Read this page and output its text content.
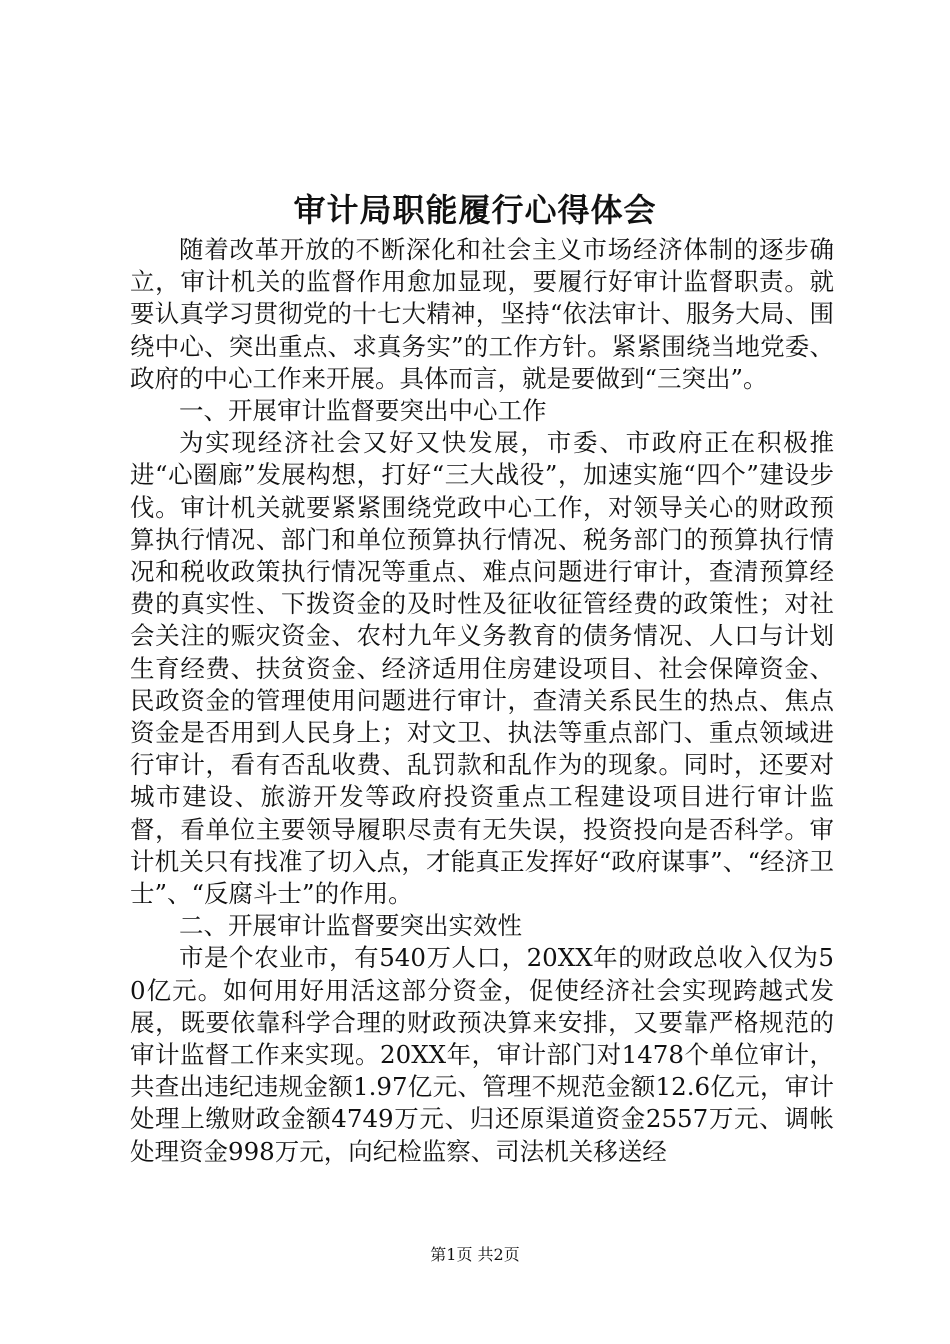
审计局职能履行心得体会

随着改革开放的不断深化和社会主义市场经济体制的逐步确立，审计机关的监督作用愈加显现，要履行好审计监督职责。就要认真学习贯彻党的十七大精神，坚持“依法审计、服务大局、围绕中心、突出重点、求真务实”的工作方针。紧紧围绕当地党委、政府的中心工作来开展。具体而言，就是要做到“三突出”。

一、开展审计监督要突出中心工作

为实现经济社会又好又快发展，市委、市政府正在积极推进“心圈廊”发展构想，打好“三大战役”，加速实施“四个”建设步伐。审计机关就要紧紧围绕党政中心工作，对领导关心的财政预算执行情况、部门和单位预算执行情况、税务部门的预算执行情况和税收政策执行情况等重点、难点问题进行审计，查清预算经费的真实性、下拨资金的及时性及征收征管经费的政策性；对社会关注的赈灾资金、农村九年义务教育的债务情况、人口与计划生育经费、扶贫资金、经济适用住房建设项目、社会保障资金、民政资金的管理使用问题进行审计，查清关系民生的热点、焦点资金是否用到人民身上；对文卫、执法等重点部门、重点领域进行审计，看有否乱收费、乱罚款和乱作为的现象。同时，还要对城市建设、旅游开发等政府投资重点工程建设项目进行审计监督，看单位主要领导履职尽责有无失误，投资投向是否科学。审计机关只有找准了切入点，才能真正发挥好“政府谋事”、“经济卫士”、“反腐斗士”的作用。

二、开展审计监督要突出实效性

市是个农业市，有540万人口，20XX年的财政总收入仅为50亿元。如何用好用活这部分资金，促使经济社会实现跨越式发展，既要依靠科学合理的财政预决算来安排，又要靠严格规范的审计监督工作来实现。20XX年，审计部门对1478个单位审计，共查出违纪违规金额1.97亿元、管理不规范金额12.6亿元，审计处理上缴财政金额4749万元、归还原渠道资金2557万元、调帐处理资金998万元，向纪检监察、司法机关移送经

第1页 共2页
